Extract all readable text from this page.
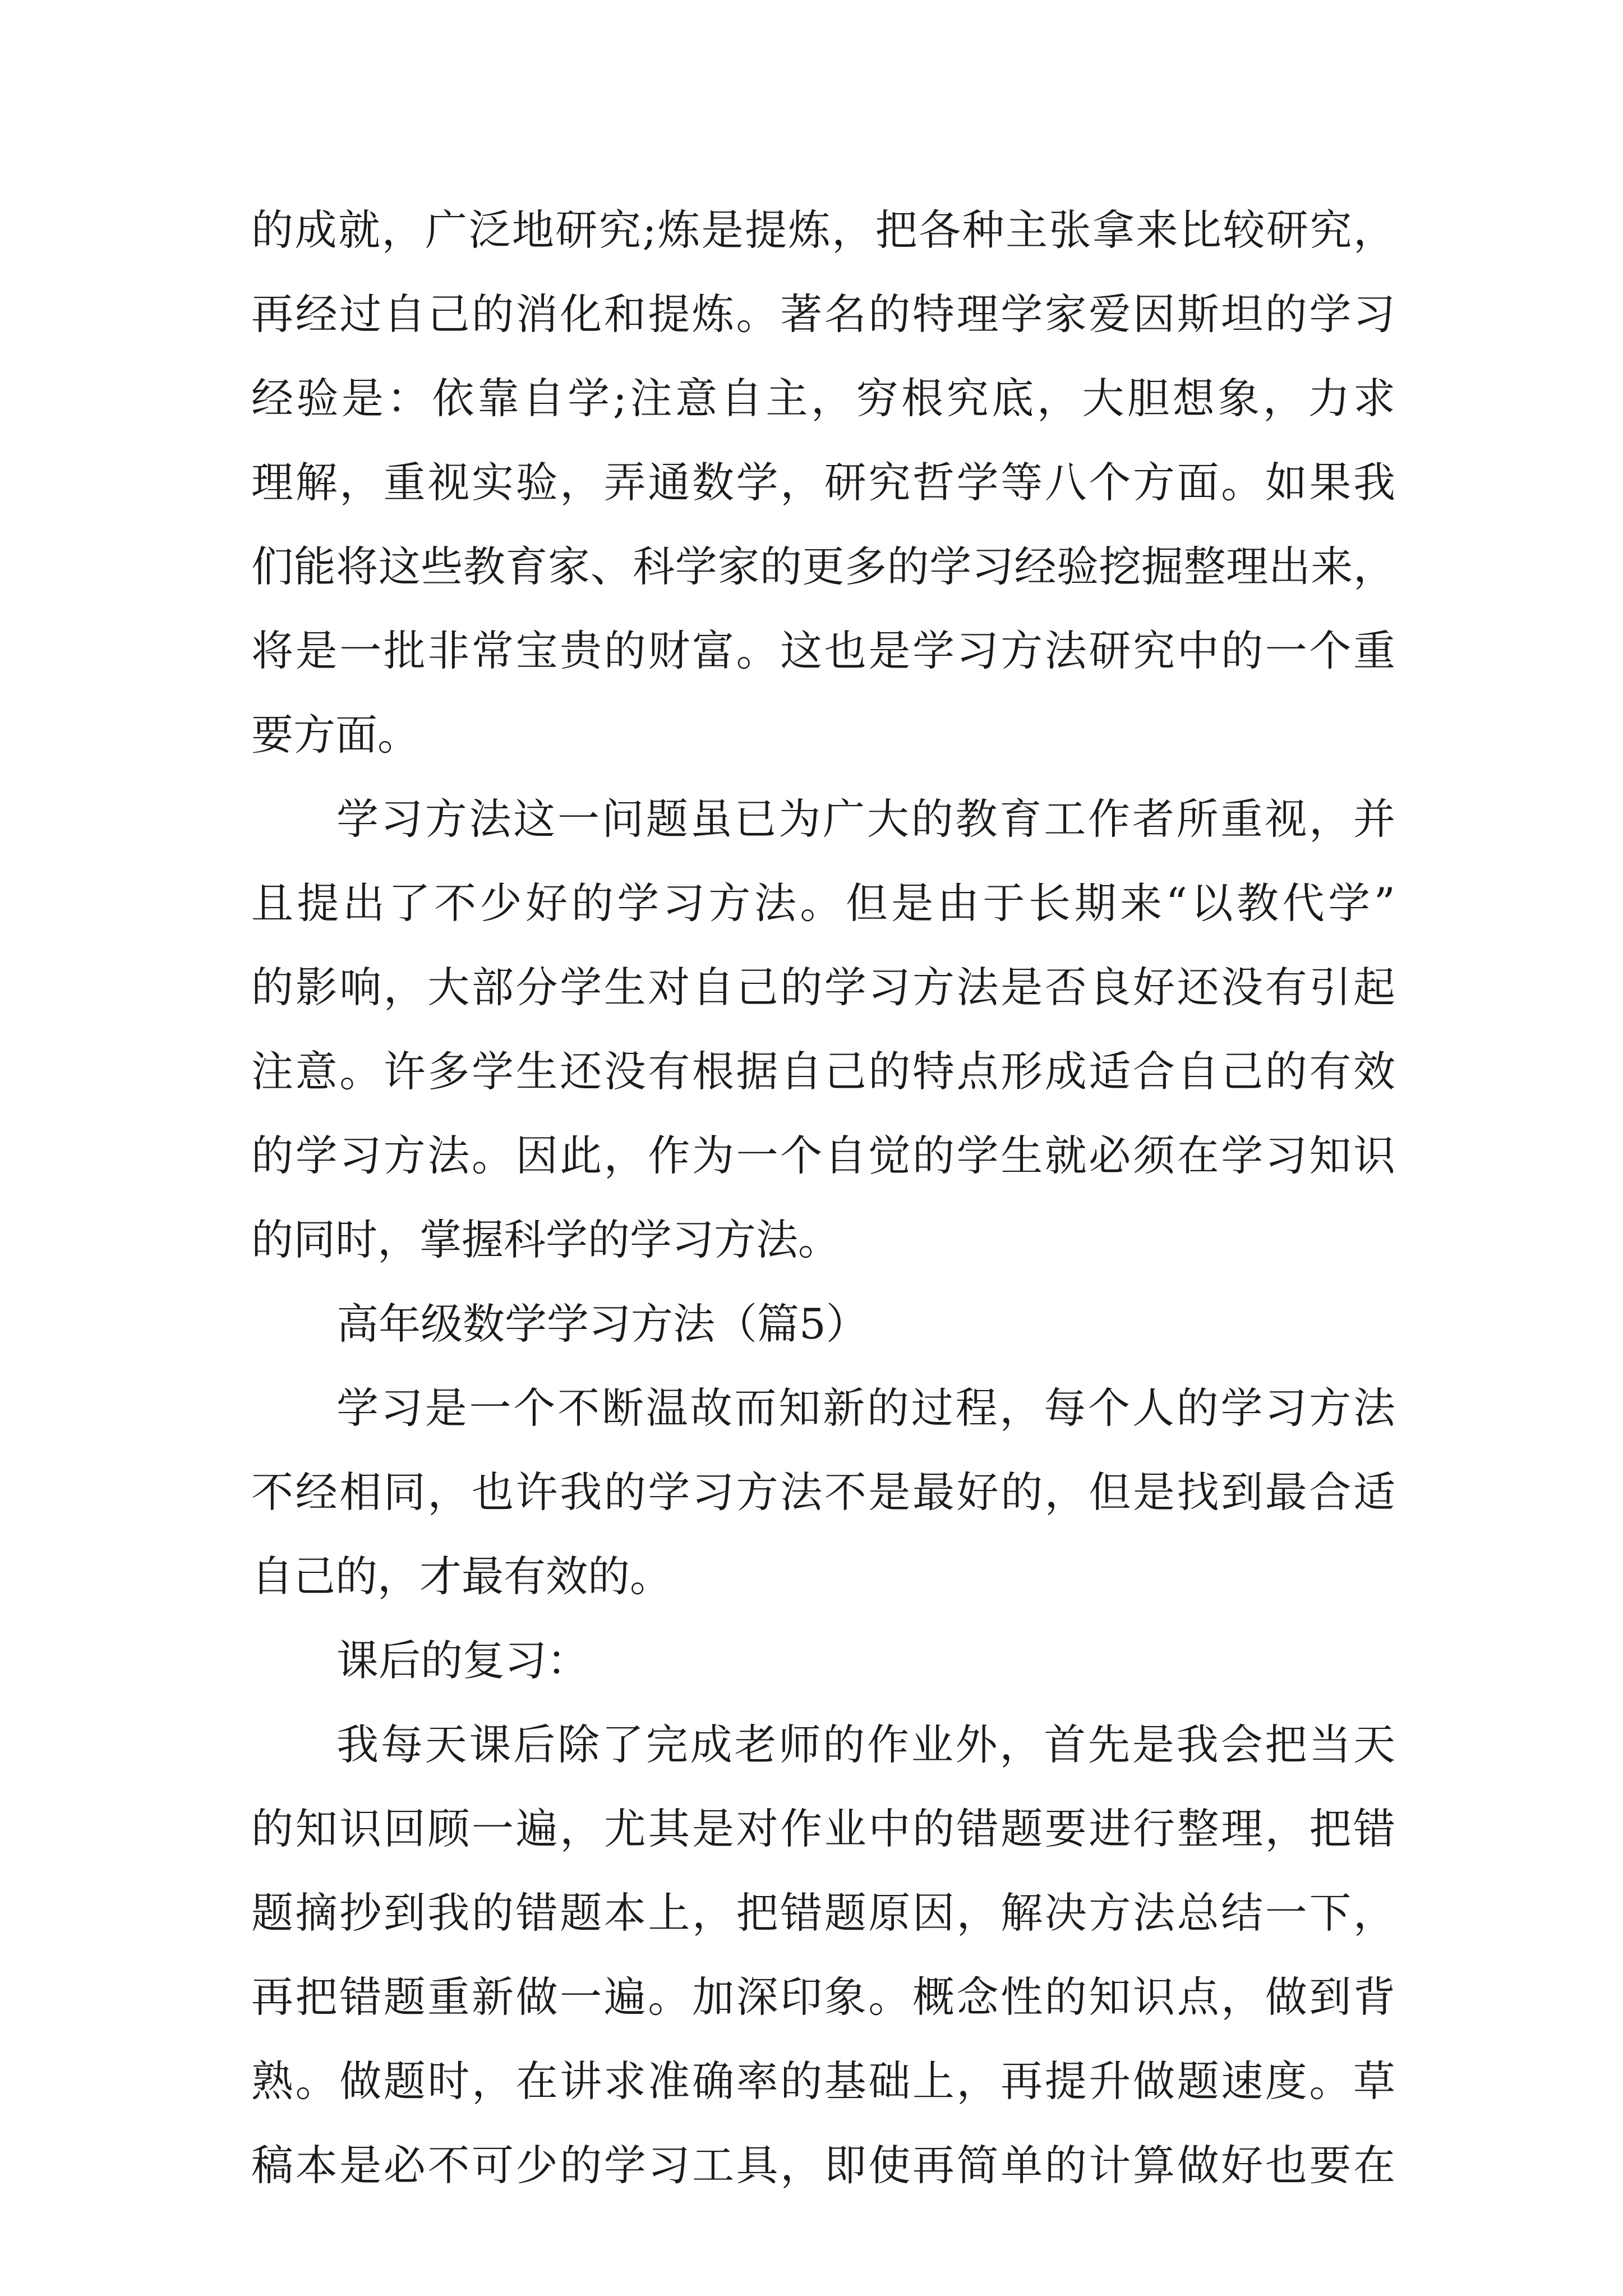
的成就，广泛地研究;炼是提炼，把各种主张拿来比较研究，
再经过自己的消化和提炼。著名的特理学家爱因斯坦的学习
经验是：依靠自学;注意自主，穷根究底，大胆想象，力求
理解，重视实验，弄通数学，研究哲学等八个方面。如果我
们能将这些教育家、科学家的更多的学习经验挖掘整理出来，
将是一批非常宝贵的财富。这也是学习方法研究中的一个重
要方面。
学习方法这一问题虽已为广大的教育工作者所重视，并
且提出了不少好的学习方法。但是由于长期来“以教代学”
的影响，大部分学生对自己的学习方法是否良好还没有引起
注意。许多学生还没有根据自己的特点形成适合自己的有效
的学习方法。因此，作为一个自觉的学生就必须在学习知识
的同时，掌握科学的学习方法。
高年级数学学习方法（篇5）
学习是一个不断温故而知新的过程，每个人的学习方法
不经相同，也许我的学习方法不是最好的，但是找到最合适
自己的，才最有效的。
课后的复习：
我每天课后除了完成老师的作业外，首先是我会把当天
的知识回顾一遍，尤其是对作业中的错题要进行整理，把错
题摘抄到我的错题本上，把错题原因，解决方法总结一下，
再把错题重新做一遍。加深印象。概念性的知识点，做到背
熟。做题时，在讲求准确率的基础上，再提升做题速度。草
稿本是必不可少的学习工具，即使再简单的计算做好也要在
